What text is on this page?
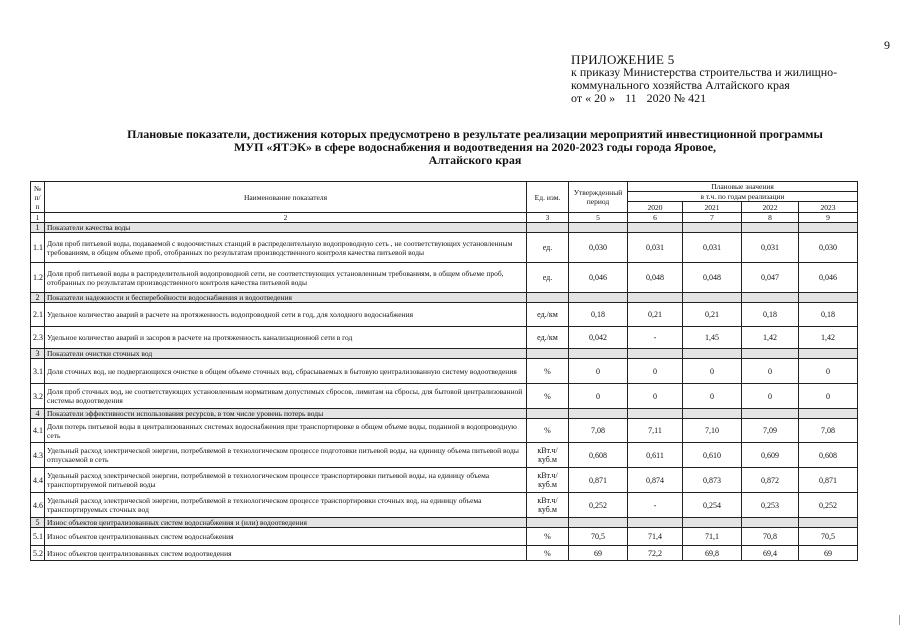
9
ПРИЛОЖЕНИЕ 5
к приказу Министерства строительства и жилищно-
коммунального хозяйства Алтайского края
от « 20 » 11 2020 № 421
Плановые показатели, достижения которых предусмотрено в результате реализации мероприятий инвестиционной программы
МУП «ЯТЭК» в сфере водоснабжения и водоотведения на 2020-2023 годы города Яровое,
Алтайского края
№ п/п	Наименование показателя	Ед. изм.	Утвержденный период	Плановые значения			
				в т.ч. по годам реализации			
				2020	2021	2022	2023
1	2	3	5	6	7	8	9
1	Показатели качества воды						
1.1	Доля проб питьевой воды, подаваемой с водоочистных станций в распределительную водопроводную сеть , не соответствующих установленным требованиям, в общем объеме проб, отобранных по результатам производственного контроля качества питьевой воды	ед.	0,030	0,031	0,031	0,031	0,030
1.2	Доля проб питьевой воды в распределительной водопроводной сети, не соответствующих установленным требованиям, в общем объеме проб, отобранных по результатам производственного контроля качества питьевой воды	ед.	0,046	0,048	0,048	0,047	0,046
2	Показатели надежности и бесперебойности водоснабжения и водоотведения						
2.1	Удельное количество аварий в расчете на протяженность водопроводной сети в год, для холодного водоснабжения	ед./км	0,18	0,21	0,21	0,18	0,18
2.3	Удельное количество аварий и засоров в расчете на протяженность канализационной сети в год	ед./км	0,042	-	1,45	1,42	1,42
3	Показатели очистки сточных вод						
3.1	Доля сточных вод, не подвергающихся очистке в общем объеме сточных вод, сбрасываемых в бытовую централизованную систему водоотведения	%	0	0	0	0	0
3.2	Доля проб сточных вод, не соответствующих установленным нормативам допустимых сбросов, лимитам на сбросы, для бытовой централизованной системы водоотведения	%	0	0	0	0	0
4	Показатели эффективности использования ресурсов, в том числе уровень потерь воды						
4.1	Доля потерь питьевой воды в централизованных системах водоснабжения при транспортировке в общем объеме воды, поданной в водопроводную сеть	%	7,08	7,11	7,10	7,09	7,08
4.3	Удельный расход электрической энергии, потребляемой в технологическом процессе подготовки питьевой воды, на единицу объема питьевой воды отпускаемой в сеть	кВт.ч/куб.м	0,608	0,611	0,610	0,609	0,608
4.4	Удельный расход электрической энергии, потребляемой в технологическом процессе транспортировки питьевой воды, на единицу объема транспортируемой питьевой воды	кВт.ч/куб.м	0,871	0,874	0,873	0,872	0,871
4.6	Удельный расход электрической энергии, потребляемой в технологическом процессе транспортировки сточных вод, на единицу объема транспортируемых сточных вод	кВт.ч/куб.м	0,252	-	0,254	0,253	0,252
5	Износ объектов централизованных систем водоснабжения и (или) водоотведения						
5.1	Износ объектов централизованных систем водоснабжения	%	70,5	71,4	71,1	70,8	70,5
5.2	Износ объектов централизованных систем водоотведения	%	69	72,2	69,8	69,4	69
